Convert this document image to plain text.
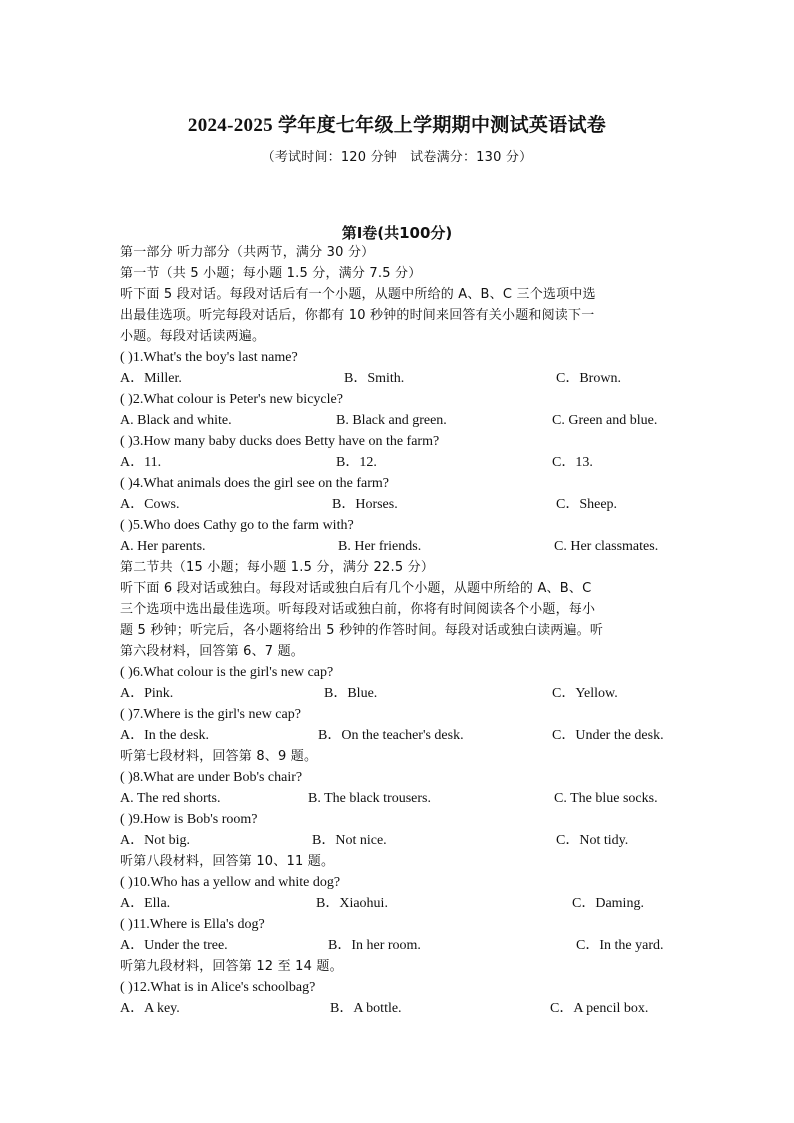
2024-2025 学年度七年级上学期期中测试英语试卷
（考试时间：120 分钟　试卷满分：130 分）
第Ⅰ卷(共100分)
第一部分 听力部分（共两节，满分 30 分）
第一节（共 5 小题；每小题 1.5 分，满分 7.5 分）
听下面 5 段对话。每段对话后有一个小题，从题中所给的 A、B、C 三个选项中选
出最佳选项。听完每段对话后，你都有 10 秒钟的时间来回答有关小题和阅读下一
小题。每段对话读两遍。
( )1.What's the boy's last name?
A．Miller.	B．Smith.	C．Brown.
( )2.What colour is Peter's new bicycle?
A. Black and white.	B. Black and green.	C. Green and blue.
( )3.How many baby ducks does Betty have on the farm?
A．11.	B．12.	C．13.
( )4.What animals does the girl see on the farm?
A．Cows.	B．Horses.	C．Sheep.
( )5.Who does Cathy go to the farm with?
A. Her parents.	B. Her friends.	C. Her classmates.
第二节共（15 小题；每小题 1.5 分，满分 22.5 分）
听下面 6 段对话或独白。每段对话或独白后有几个小题，从题中所给的 A、B、C
三个选项中选出最佳选项。听每段对话或独白前，你将有时间阅读各个小题，每小
题 5 秒钟；听完后，各小题将给出 5 秒钟的作答时间。每段对话或独白读两遍。听
第六段材料，回答第 6、7 题。
( )6.What colour is the girl's new cap?
A．Pink.	B．Blue.	C．Yellow.
( )7.Where is the girl's new cap?
A．In the desk.	B．On the teacher's desk.	C．Under the desk.
听第七段材料，回答第 8、9 题。
( )8.What are under Bob's chair?
A. The red shorts.	B. The black trousers.	C. The blue socks.
( )9.How is Bob's room?
A．Not big.	B．Not nice.	C．Not tidy.
听第八段材料，回答第 10、11 题。
( )10.Who has a yellow and white dog?
A．Ella.	B．Xiaohui.	C．Daming.
( )11.Where is Ella's dog?
A．Under the tree.	B．In her room.	C．In the yard.
听第九段材料，回答第 12 至 14 题。
( )12.What is in Alice's schoolbag?
A．A key.	B．A bottle.	C．A pencil box.
